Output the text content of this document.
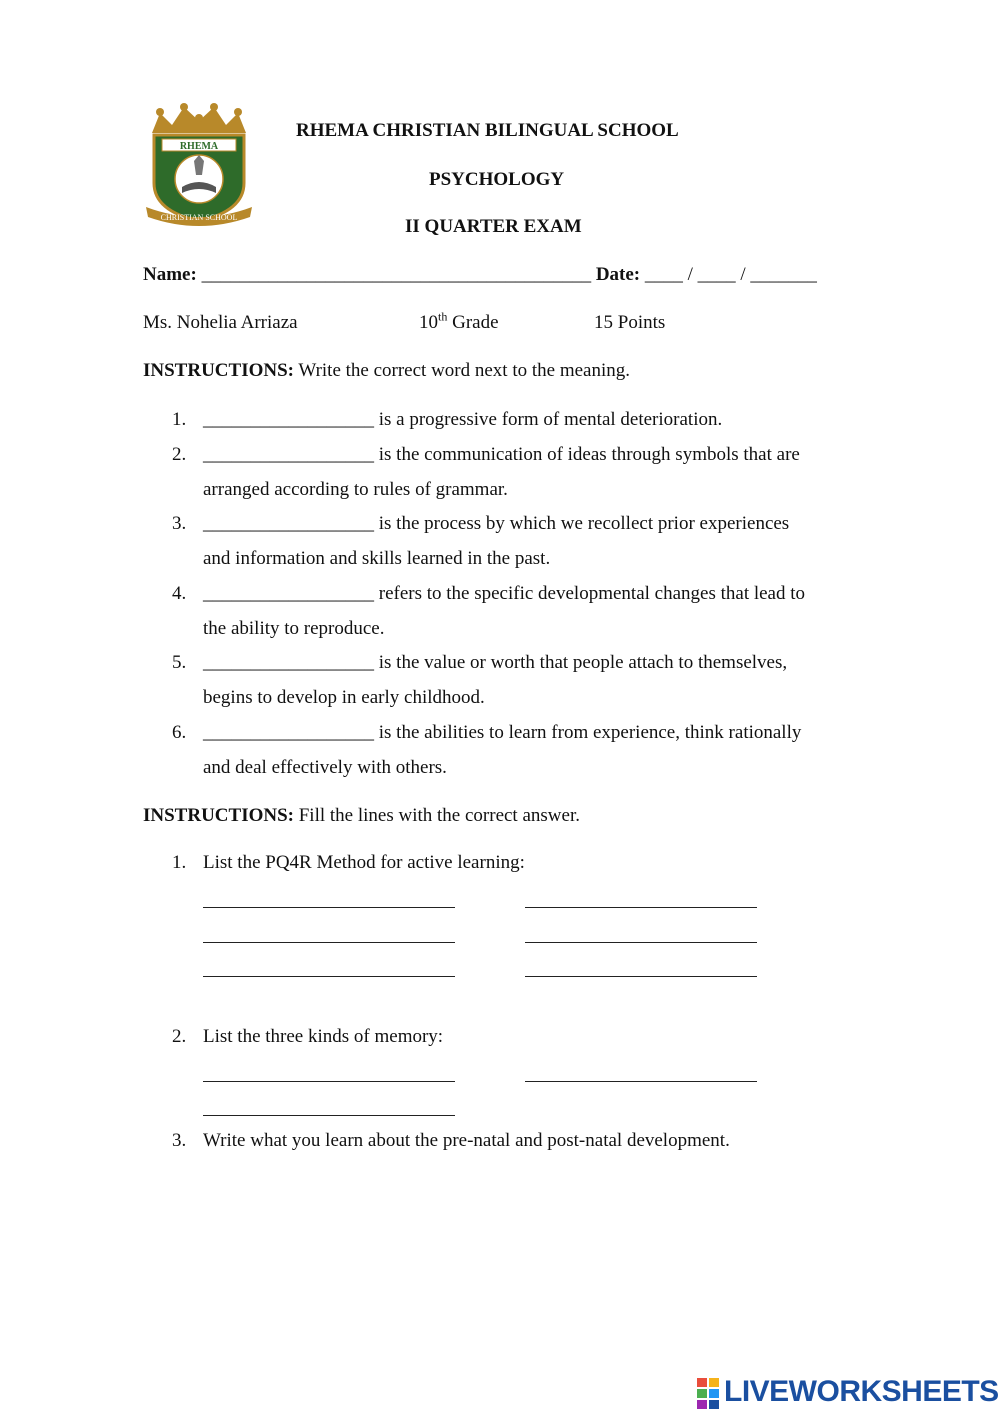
RHEMA
CHRISTIAN SCHOOL
RHEMA CHRISTIAN BILINGUAL SCHOOL
PSYCHOLOGY
II QUARTER EXAM
Name: _________________________________________ Date: ____ / ____ / _______
Ms. Nohelia Arriaza	10th Grade	15 Points
INSTRUCTIONS: Write the correct word next to the meaning.
1. __________________ is a progressive form of mental deterioration.
2. __________________ is the communication of ideas through symbols that are
arranged according to rules of grammar.
3. __________________ is the process by which we recollect prior experiences
and information and skills learned in the past.
4. __________________ refers to the specific developmental changes that lead to
the ability to reproduce.
5. __________________ is the value or worth that people attach to themselves,
begins to develop in early childhood.
6. __________________ is the abilities to learn from experience, think rationally
and deal effectively with others.
INSTRUCTIONS: Fill the lines with the correct answer.
1. List the PQ4R Method for active learning:
2. List the three kinds of memory:
3. Write what you learn about the pre-natal and post-natal development.
LIVEWORKSHEETS
